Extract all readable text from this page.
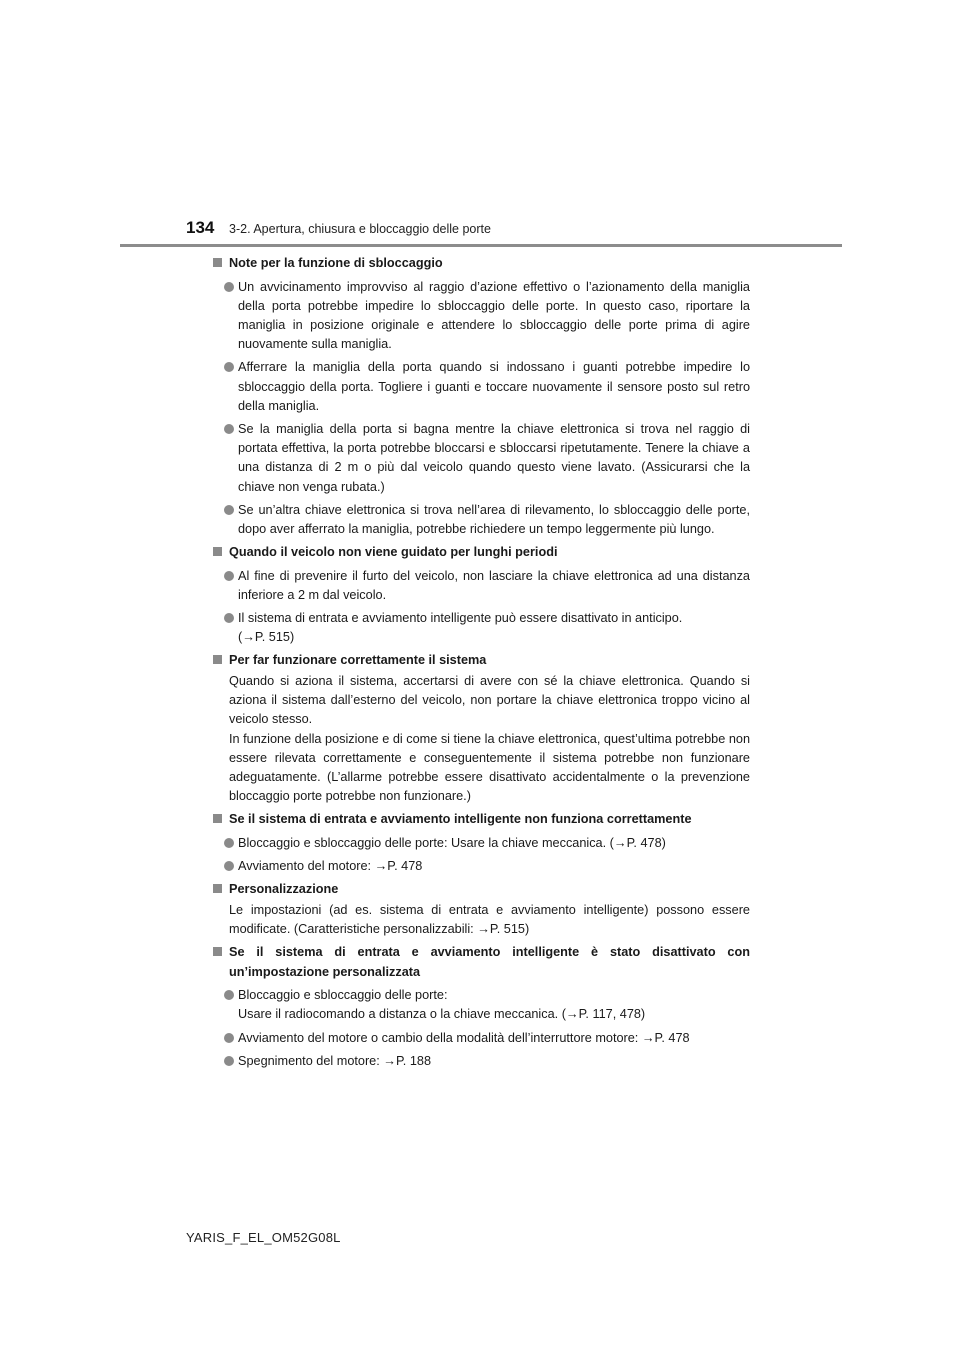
134 3-2. Apertura, chiusura e bloccaggio delle porte
Note per la funzione di sbloccaggio
Un avvicinamento improvviso al raggio d’azione effettivo o l’azionamento della maniglia della porta potrebbe impedire lo sbloccaggio delle porte. In questo caso, riportare la maniglia in posizione originale e attendere lo sbloccaggio delle porte prima di agire nuovamente sulla maniglia.
Afferrare la maniglia della porta quando si indossano i guanti potrebbe impedire lo sbloccaggio della porta. Togliere i guanti e toccare nuovamente il sensore posto sul retro della maniglia.
Se la maniglia della porta si bagna mentre la chiave elettronica si trova nel raggio di portata effettiva, la porta potrebbe bloccarsi e sbloccarsi ripetutamente. Tenere la chiave a una distanza di 2 m o più dal veicolo quando questo viene lavato. (Assicurarsi che la chiave non venga rubata.)
Se un’altra chiave elettronica si trova nell’area di rilevamento, lo sbloccaggio delle porte, dopo aver afferrato la maniglia, potrebbe richiedere un tempo leggermente più lungo.
Quando il veicolo non viene guidato per lunghi periodi
Al fine di prevenire il furto del veicolo, non lasciare la chiave elettronica ad una distanza inferiore a 2 m dal veicolo.
Il sistema di entrata e avviamento intelligente può essere disattivato in anticipo.
(→P. 515)
Per far funzionare correttamente il sistema
Quando si aziona il sistema, accertarsi di avere con sé la chiave elettronica. Quando si aziona il sistema dall’esterno del veicolo, non portare la chiave elettronica troppo vicino al veicolo stesso.
In funzione della posizione e di come si tiene la chiave elettronica, quest’ultima potrebbe non essere rilevata correttamente e conseguentemente il sistema potrebbe non funzionare adeguatamente. (L’allarme potrebbe essere disattivato accidentalmente o la prevenzione bloccaggio porte potrebbe non funzionare.)
Se il sistema di entrata e avviamento intelligente non funziona correttamente
Bloccaggio e sbloccaggio delle porte: Usare la chiave meccanica. (→P. 478)
Avviamento del motore: →P. 478
Personalizzazione
Le impostazioni (ad es. sistema di entrata e avviamento intelligente) possono essere modificate. (Caratteristiche personalizzabili: →P. 515)
Se il sistema di entrata e avviamento intelligente è stato disattivato con un’impostazione personalizzata
Bloccaggio e sbloccaggio delle porte:
Usare il radiocomando a distanza o la chiave meccanica. (→P. 117, 478)
Avviamento del motore o cambio della modalità dell’interruttore motore: →P. 478
Spegnimento del motore: →P. 188
YARIS_F_EL_OM52G08L
